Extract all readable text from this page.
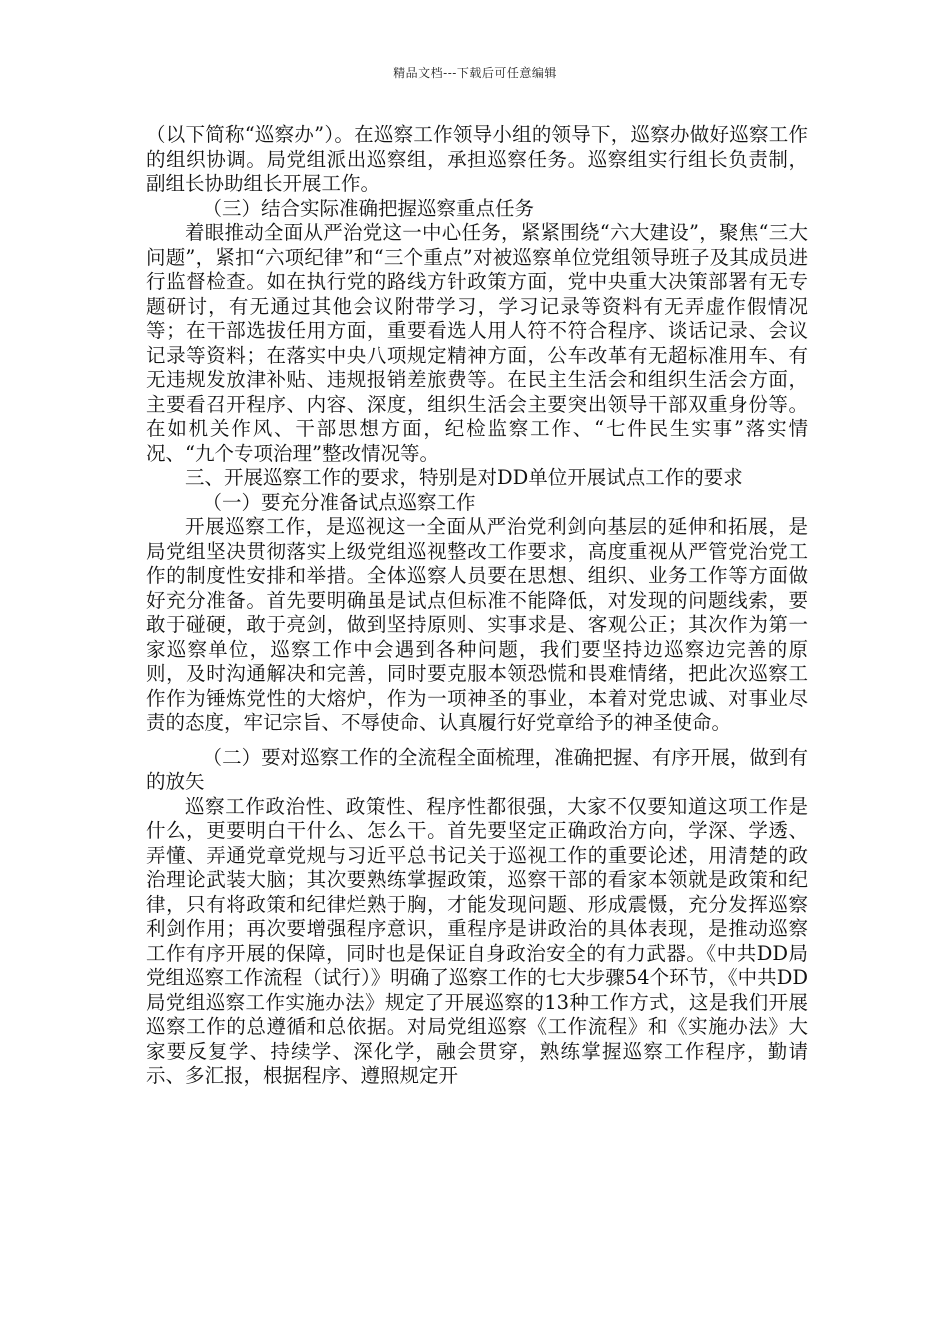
精品文档---下载后可任意编辑

（以下简称“巡察办”）。在巡察工作领导小组的领导下，巡察办做好巡察工作的组织协调。局党组派出巡察组，承担巡察任务。巡察组实行组长负责制，副组长协助组长开展工作。

（三）结合实际准确把握巡察重点任务

着眼推动全面从严治党这一中心任务，紧紧围绕“六大建设”，聚焦“三大问题”，紧扣“六项纪律”和“三个重点”对被巡察单位党组领导班子及其成员进行监督检查。如在执行党的路线方针政策方面，党中央重大决策部署有无专题研讨，有无通过其他会议附带学习，学习记录等资料有无弄虚作假情况等；在干部选拔任用方面，重要看选人用人符不符合程序、谈话记录、会议记录等资料；在落实中央八项规定精神方面，公车改革有无超标准用车、有无违规发放津补贴、违规报销差旅费等。在民主生活会和组织生活会方面，主要看召开程序、内容、深度，组织生活会主要突出领导干部双重身份等。在如机关作风、干部思想方面，纪检监察工作、“七件民生实事”落实情况、“九个专项治理”整改情况等。

三、开展巡察工作的要求，特别是对DD单位开展试点工作的要求

（一）要充分准备试点巡察工作

开展巡察工作，是巡视这一全面从严治党利剑向基层的延伸和拓展，是局党组坚决贯彻落实上级党组巡视整改工作要求，高度重视从严管党治党工作的制度性安排和举措。全体巡察人员要在思想、组织、业务工作等方面做好充分准备。首先要明确虽是试点但标准不能降低，对发现的问题线索，要敢于碰硬，敢于亮剑，做到坚持原则、实事求是、客观公正；其次作为第一家巡察单位，巡察工作中会遇到各种问题，我们要坚持边巡察边完善的原则，及时沟通解决和完善，同时要克服本领恐慌和畏难情绪，把此次巡察工作作为锤炼党性的大熔炉，作为一项神圣的事业，本着对党忠诚、对事业尽责的态度，牢记宗旨、不辱使命、认真履行好党章给予的神圣使命。

（二）要对巡察工作的全流程全面梳理，准确把握、有序开展，做到有的放矢

巡察工作政治性、政策性、程序性都很强，大家不仅要知道这项工作是什么，更要明白干什么、怎么干。首先要坚定正确政治方向，学深、学透、弄懂、弄通党章党规与习近平总书记关于巡视工作的重要论述，用清楚的政治理论武装大脑；其次要熟练掌握政策，巡察干部的看家本领就是政策和纪律，只有将政策和纪律烂熟于胸，才能发现问题、形成震慑，充分发挥巡察利剑作用；再次要增强程序意识，重程序是讲政治的具体表现，是推动巡察工作有序开展的保障，同时也是保证自身政治安全的有力武器。《中共DD局党组巡察工作流程（试行）》明确了巡察工作的七大步骤54个环节，《中共DD局党组巡察工作实施办法》规定了开展巡察的13种工作方式，这是我们开展巡察工作的总遵循和总依据。对局党组巡察《工作流程》和《实施办法》大家要反复学、持续学、深化学，融会贯穿，熟练掌握巡察工作程序，勤请示、多汇报，根据程序、遵照规定开
